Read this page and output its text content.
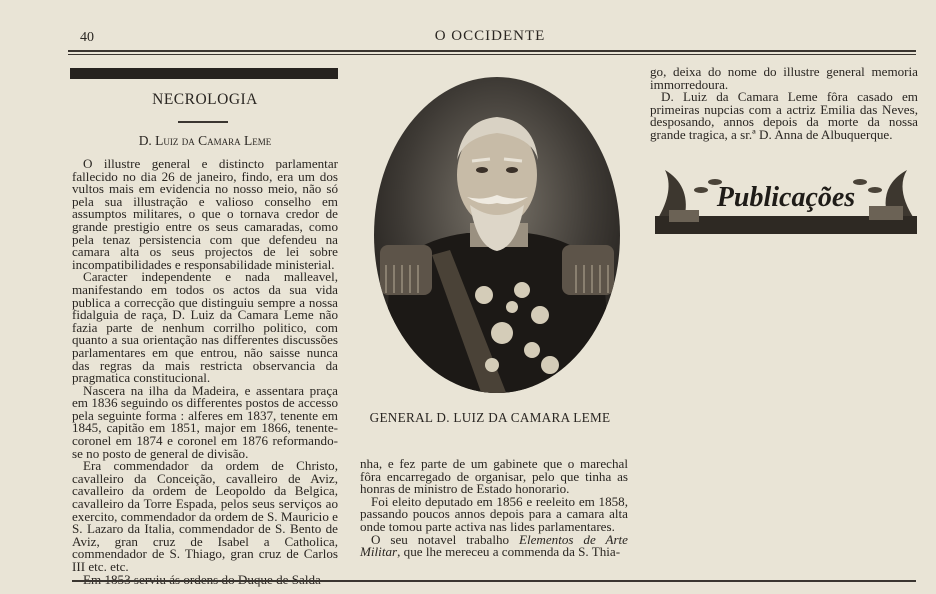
40	O OCCIDENTE
NECROLOGIA
D. Luiz da Camara Leme

O illustre general e distincto parlamentar fallecido no dia 26 de janeiro, findo, era um dos vultos mais em evidencia no nosso meio, não só pela sua illustração e valioso conselho em assumptos militares, o que o tornava credor de grande prestigio entre os seus camaradas, como pela tenaz persistencia com que defendeu na camara alta os seus projectos de lei sobre incompatibilidades e responsabilidade ministerial.

Caracter independente e nada malleavel, manifestando em todos os actos da sua vida publica a correcção que distinguiu sempre a nossa fidalguia de raça, D. Luiz da Camara Leme não fazia parte de nenhum corrilho politico, com quanto a sua orientação nas differentes discussões parlamentares em que entrou, não saisse nunca das regras da mais restricta observancia da pragmatica constitucional.

Nascera na ilha da Madeira, e assentara praça em 1836 seguindo os differentes postos de accesso pela seguinte forma : alferes em 1837, tenente em 1845, capitão em 1851, major em 1866, tenente-coronel em 1874 e coronel em 1876 reformando-se no posto de general de divisão.

Era commendador da ordem de Christo, cavalleiro da Conceição, cavalleiro de Aviz, cavalleiro da ordem de Leopoldo da Belgica, cavalleiro da Torre Espada, pelos seus serviços ao exercito, commendador da ordem de S. Mauricio e S. Lazaro da Italia, commendador de S. Bento de Aviz, gran cruz de Isabel a Catholica, commendador de S. Thiago, gran cruz de Carlos III etc. etc.

GENERAL D. LUIZ DA CAMARA LEME

nha, e fez parte de um gabinete que o marechal fôra encarregado de organisar, pelo que tinha as honras de ministro de Estado honorario.

Foi eleito deputado em 1856 e reeleito em 1858, passando poucos annos depois para a camara alta onde tomou parte activa nas lides parlamentares.

O seu notavel trabalho Elementos de Arte Militar, que lhe mereceu a commenda da S. Thia-

go, deixa do nome do illustre general memoria immorredoura.

D. Luiz da Camara Leme fôra casado em primeiras nupcias com a actriz Emilia das Neves, desposando, annos depois da morte da nossa grande tragica, a sr.ª D. Anna de Albuquerque.

Publicações
